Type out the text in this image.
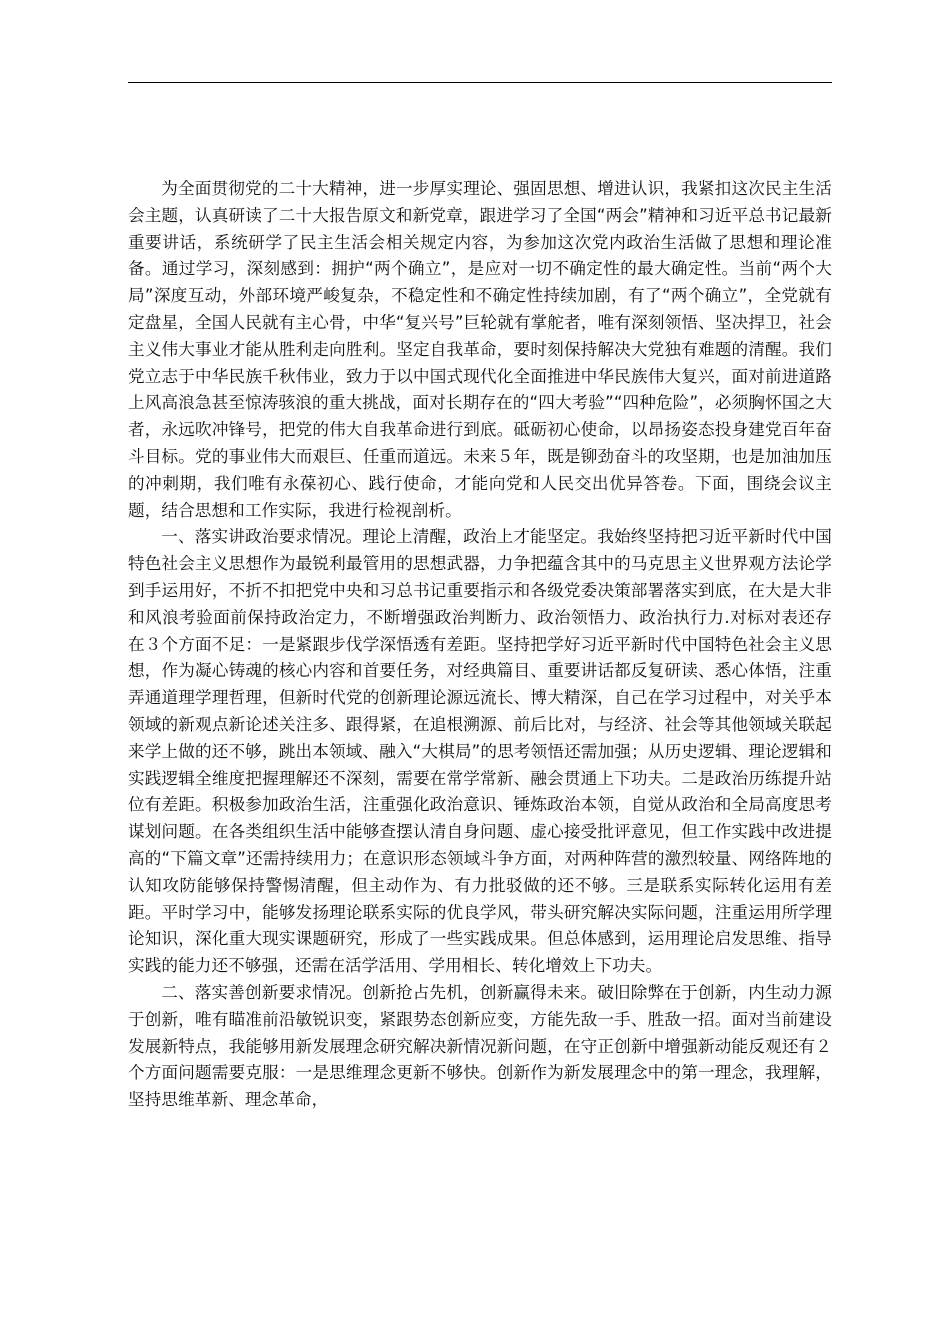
为全面贯彻党的二十大精神，进一步厚实理论、强固思想、增进认识，我紧扣这次民主生活会主题，认真研读了二十大报告原文和新党章，跟进学习了全国“两会”精神和习近平总书记最新重要讲话，系统研学了民主生活会相关规定内容，为参加这次党内政治生活做了思想和理论准备。通过学习，深刻感到：拥护“两个确立”，是应对一切不确定性的最大确定性。当前“两个大局”深度互动，外部环境严峻复杂，不稳定性和不确定性持续加剧，有了“两个确立”，全党就有定盘星，全国人民就有主心骨，中华“复兴号”巨轮就有掌舵者，唯有深刻领悟、坚决捍卫，社会主义伟大事业才能从胜利走向胜利。坚定自我革命，要时刻保持解决大党独有难题的清醒。我们党立志于中华民族千秋伟业，致力于以中国式现代化全面推进中华民族伟大复兴，面对前进道路上风高浪急甚至惊涛骇浪的重大挑战，面对长期存在的“四大考验”“四种危险”，必须胸怀国之大者，永远吹冲锋号，把党的伟大自我革命进行到底。砥砺初心使命，以昂扬姿态投身建党百年奋斗目标。党的事业伟大而艰巨、任重而道远。未来５年，既是铆劲奋斗的攻坚期，也是加油加压的冲刺期，我们唯有永葆初心、践行使命，才能向党和人民交出优异答卷。下面，围绕会议主题，结合思想和工作实际，我进行检视剖析。

一、落实讲政治要求情况。理论上清醒，政治上才能坚定。我始终坚持把习近平新时代中国特色社会主义思想作为最锐利最管用的思想武器，力争把蕴含其中的马克思主义世界观方法论学到手运用好，不折不扣把党中央和习总书记重要指示和各级党委决策部署落实到底，在大是大非和风浪考验面前保持政治定力，不断增强政治判断力、政治领悟力、政治执行力.对标对表还存在３个方面不足：一是紧跟步伐学深悟透有差距。坚持把学好习近平新时代中国特色社会主义思想，作为凝心铸魂的核心内容和首要任务，对经典篇目、重要讲话都反复研读、悉心体悟，注重弄通道理学理哲理，但新时代党的创新理论源远流长、博大精深，自己在学习过程中，对关乎本领域的新观点新论述关注多、跟得紧，在追根溯源、前后比对，与经济、社会等其他领域关联起来学上做的还不够，跳出本领域、融入“大棋局”的思考领悟还需加强；从历史逻辑、理论逻辑和实践逻辑全维度把握理解还不深刻，需要在常学常新、融会贯通上下功夫。二是政治历练提升站位有差距。积极参加政治生活，注重强化政治意识、锤炼政治本领，自觉从政治和全局高度思考谋划问题。在各类组织生活中能够查摆认清自身问题、虚心接受批评意见，但工作实践中改进提高的“下篇文章”还需持续用力；在意识形态领域斗争方面，对两种阵营的激烈较量、网络阵地的认知攻防能够保持警惕清醒，但主动作为、有力批驳做的还不够。三是联系实际转化运用有差距。平时学习中，能够发扬理论联系实际的优良学风，带头研究解决实际问题，注重运用所学理论知识，深化重大现实课题研究，形成了一些实践成果。但总体感到，运用理论启发思维、指导实践的能力还不够强，还需在活学活用、学用相长、转化增效上下功夫。

二、落实善创新要求情况。创新抢占先机，创新赢得未来。破旧除弊在于创新，内生动力源于创新，唯有瞄准前沿敏锐识变，紧跟势态创新应变，方能先敌一手、胜敌一招。面对当前建设发展新特点，我能够用新发展理念研究解决新情况新问题，在守正创新中增强新动能反观还有２个方面问题需要克服：一是思维理念更新不够快。创新作为新发展理念中的第一理念，我理解，坚持思维革新、理念革命，
